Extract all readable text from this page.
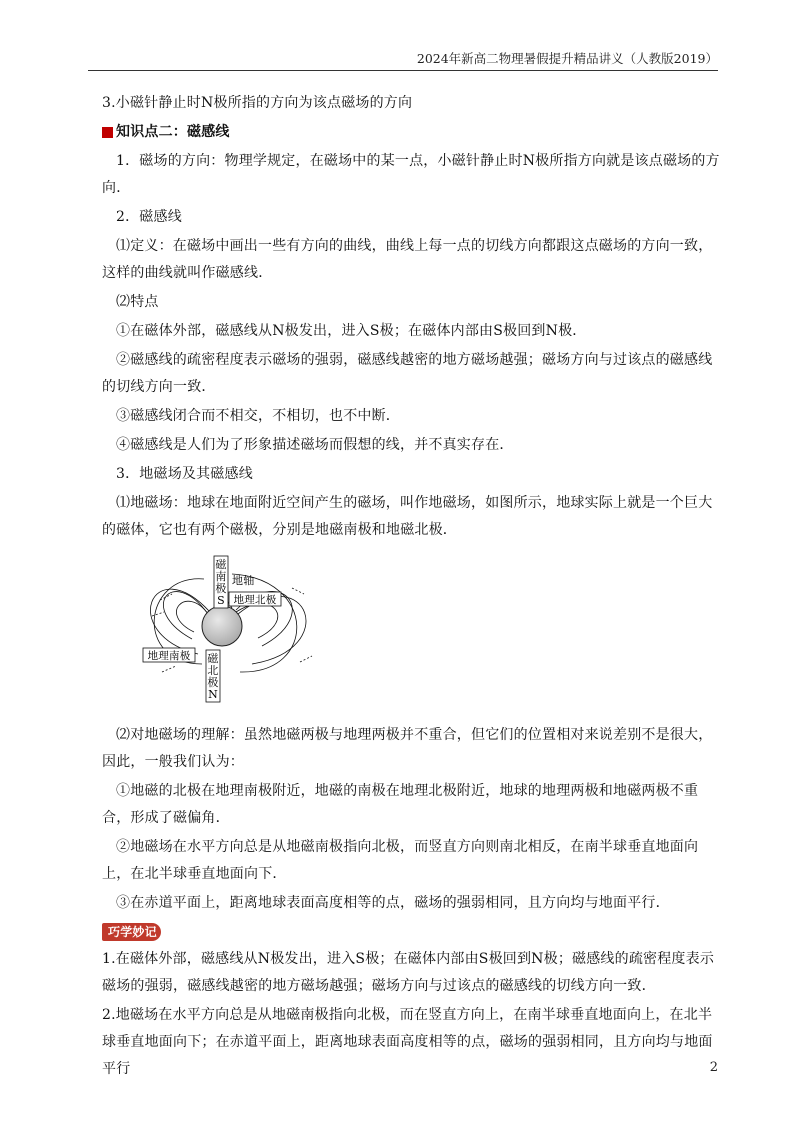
2024年新高二物理暑假提升精品讲义（人教版2019）

3.小磁针静止时N极所指的方向为该点磁场的方向

知识点二：磁感线

1．磁场的方向：物理学规定，在磁场中的某一点，小磁针静止时N极所指方向就是该点磁场的方向．

2．磁感线

⑴定义：在磁场中画出一些有方向的曲线，曲线上每一点的切线方向都跟这点磁场的方向一致，这样的曲线就叫作磁感线．

⑵特点

①在磁体外部，磁感线从N极发出，进入S极；在磁体内部由S极回到N极．

②磁感线的疏密程度表示磁场的强弱，磁感线越密的地方磁场越强；磁场方向与过该点的磁感线的切线方向一致．

③磁感线闭合而不相交，不相切，也不中断．

④磁感线是人们为了形象描述磁场而假想的线，并不真实存在．

3．地磁场及其磁感线

⑴地磁场：地球在地面附近空间产生的磁场，叫作地磁场，如图所示，地球实际上就是一个巨大的磁体，它也有两个磁极，分别是地磁南极和地磁北极．

磁
南
极
S
地轴
地理北极
地理南极 磁
北
极
N

⑵对地磁场的理解：虽然地磁两极与地理两极并不重合，但它们的位置相对来说差别不是很大，因此，一般我们认为：

①地磁的北极在地理南极附近，地磁的南极在地理北极附近，地球的地理两极和地磁两极不重合，形成了磁偏角．

②地磁场在水平方向总是从地磁南极指向北极，而竖直方向则南北相反，在南半球垂直地面向上，在北半球垂直地面向下．

③在赤道平面上，距离地球表面高度相等的点，磁场的强弱相同，且方向均与地面平行．

巧学妙记

1.在磁体外部，磁感线从N极发出，进入S极；在磁体内部由S极回到N极；磁感线的疏密程度表示磁场的强弱，磁感线越密的地方磁场越强；磁场方向与过该点的磁感线的切线方向一致．

2.地磁场在水平方向总是从地磁南极指向北极，而在竖直方向上，在南半球垂直地面向上，在北半球垂直地面向下；在赤道平面上，距离地球表面高度相等的点，磁场的强弱相同，且方向均与地面平行	2
